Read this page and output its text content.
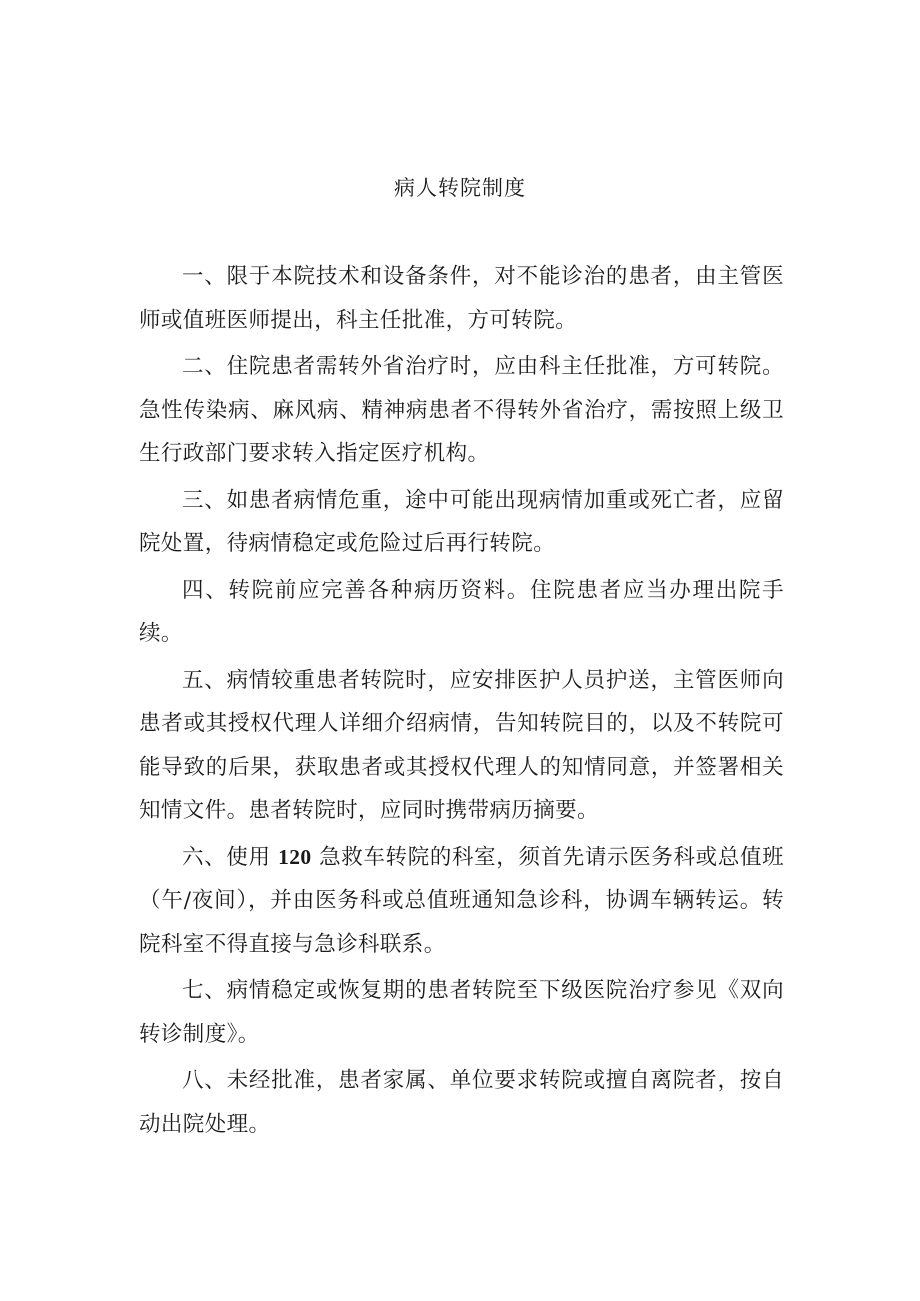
病人转院制度

一、限于本院技术和设备条件，对不能诊治的患者，由主管医师或值班医师提出，科主任批准，方可转院。

二、住院患者需转外省治疗时，应由科主任批准，方可转院。急性传染病、麻风病、精神病患者不得转外省治疗，需按照上级卫生行政部门要求转入指定医疗机构。

三、如患者病情危重，途中可能出现病情加重或死亡者，应留院处置，待病情稳定或危险过后再行转院。

四、转院前应完善各种病历资料。住院患者应当办理出院手续。

五、病情较重患者转院时，应安排医护人员护送，主管医师向患者或其授权代理人详细介绍病情，告知转院目的，以及不转院可能导致的后果，获取患者或其授权代理人的知情同意，并签署相关知情文件。患者转院时，应同时携带病历摘要。

六、使用 120 急救车转院的科室，须首先请示医务科或总值班（午/夜间），并由医务科或总值班通知急诊科，协调车辆转运。转院科室不得直接与急诊科联系。

七、病情稳定或恢复期的患者转院至下级医院治疗参见《双向转诊制度》。

八、未经批准，患者家属、单位要求转院或擅自离院者，按自动出院处理。
